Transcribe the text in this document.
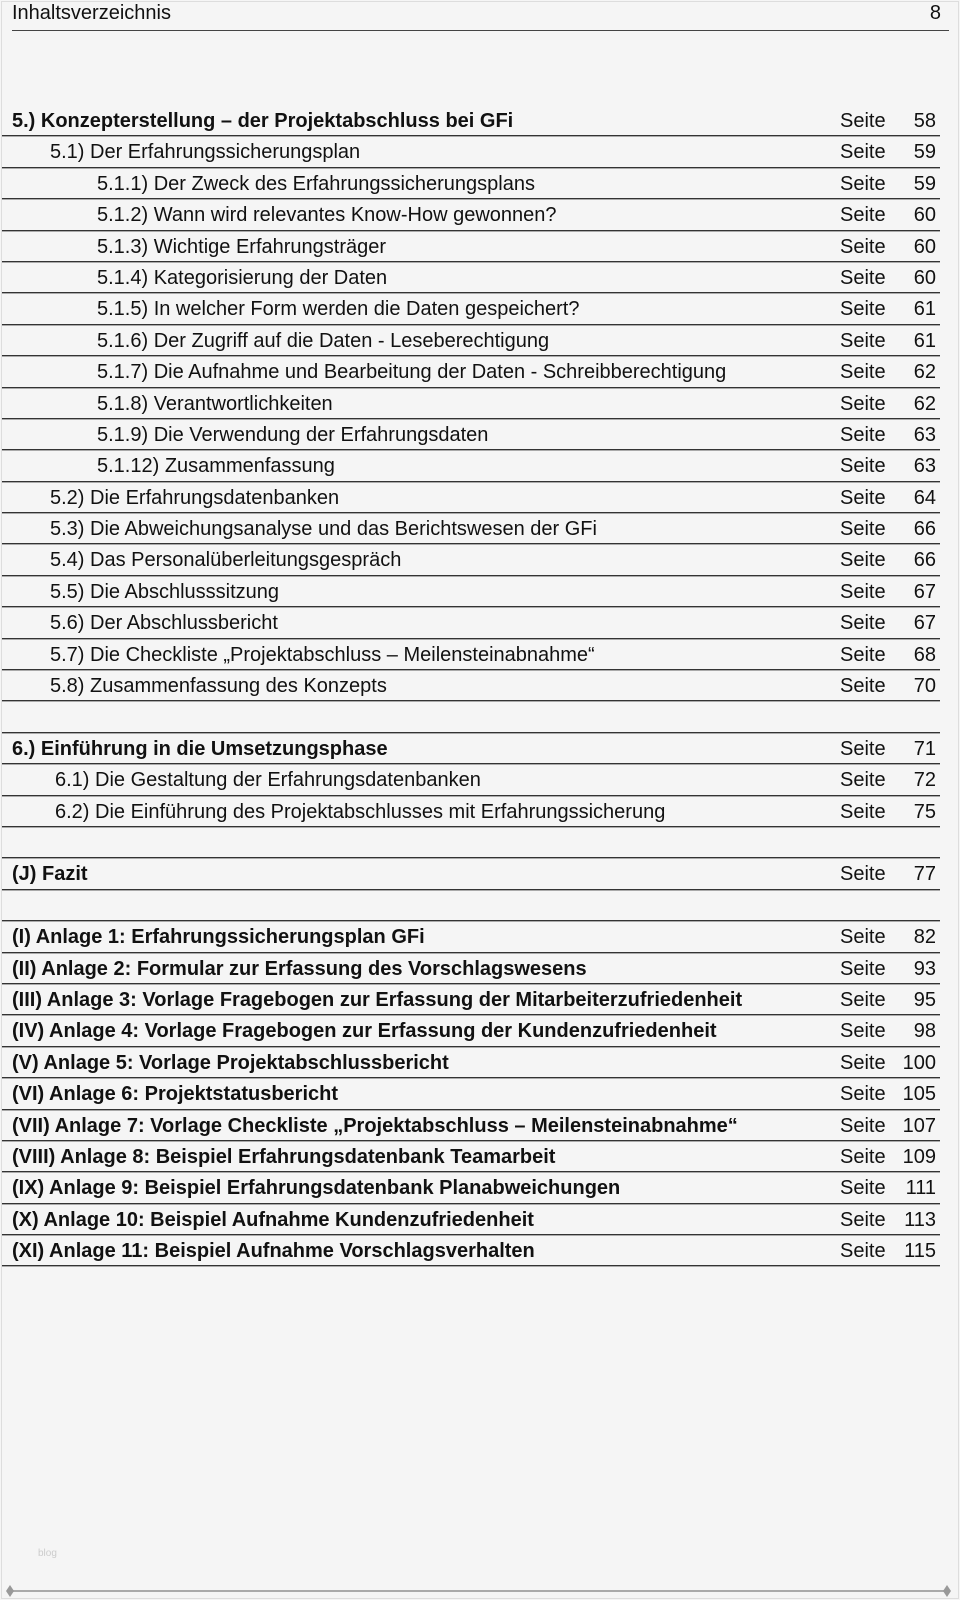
Inhaltsverzeichnis	8
5.) Konzepterstellung – der Projektabschluss bei GFi	Seite 58
5.1) Der Erfahrungssicherungsplan	Seite 59
5.1.1) Der Zweck des Erfahrungssicherungsplans	Seite 59
5.1.2) Wann wird relevantes Know-How gewonnen?	Seite 60
5.1.3) Wichtige Erfahrungsträger	Seite 60
5.1.4) Kategorisierung der Daten	Seite 60
5.1.5) In welcher Form werden die Daten gespeichert?	Seite 61
5.1.6) Der Zugriff auf die Daten - Leseberechtigung	Seite 61
5.1.7) Die Aufnahme und Bearbeitung der Daten - Schreibberechtigung	Seite 62
5.1.8) Verantwortlichkeiten	Seite 62
5.1.9) Die Verwendung der Erfahrungsdaten	Seite 63
5.1.12) Zusammenfassung	Seite 63
5.2) Die Erfahrungsdatenbanken	Seite 64
5.3) Die Abweichungsanalyse und das Berichtswesen der GFi	Seite 66
5.4) Das Personalüberleitungsgespräch	Seite 66
5.5) Die Abschlusssitzung	Seite 67
5.6) Der Abschlussbericht	Seite 67
5.7) Die Checkliste „Projektabschluss – Meilensteinabnahme“	Seite 68
5.8) Zusammenfassung des Konzepts	Seite 70
6.) Einführung in die Umsetzungsphase	Seite 71
6.1) Die Gestaltung der Erfahrungsdatenbanken	Seite 72
6.2) Die Einführung des Projektabschlusses mit Erfahrungssicherung	Seite 75
(J) Fazit	Seite 77
(I) Anlage 1: Erfahrungssicherungsplan GFi	Seite 82
(II) Anlage 2: Formular zur Erfassung des Vorschlagswesens	Seite 93
(III) Anlage 3: Vorlage Fragebogen zur Erfassung der Mitarbeiterzufriedenheit	Seite 95
(IV) Anlage 4: Vorlage Fragebogen zur Erfassung der Kundenzufriedenheit	Seite 98
(V) Anlage 5: Vorlage Projektabschlussbericht	Seite 100
(VI) Anlage 6: Projektstatusbericht	Seite 105
(VII) Anlage 7: Vorlage Checkliste „Projektabschluss – Meilensteinabnahme“	Seite 107
(VIII) Anlage 8: Beispiel Erfahrungsdatenbank Teamarbeit	Seite 109
(IX) Anlage 9: Beispiel Erfahrungsdatenbank Planabweichungen	Seite 111
(X) Anlage 10: Beispiel Aufnahme Kundenzufriedenheit	Seite 113
(XI) Anlage 11: Beispiel Aufnahme Vorschlagsverhalten	Seite 115
blog
